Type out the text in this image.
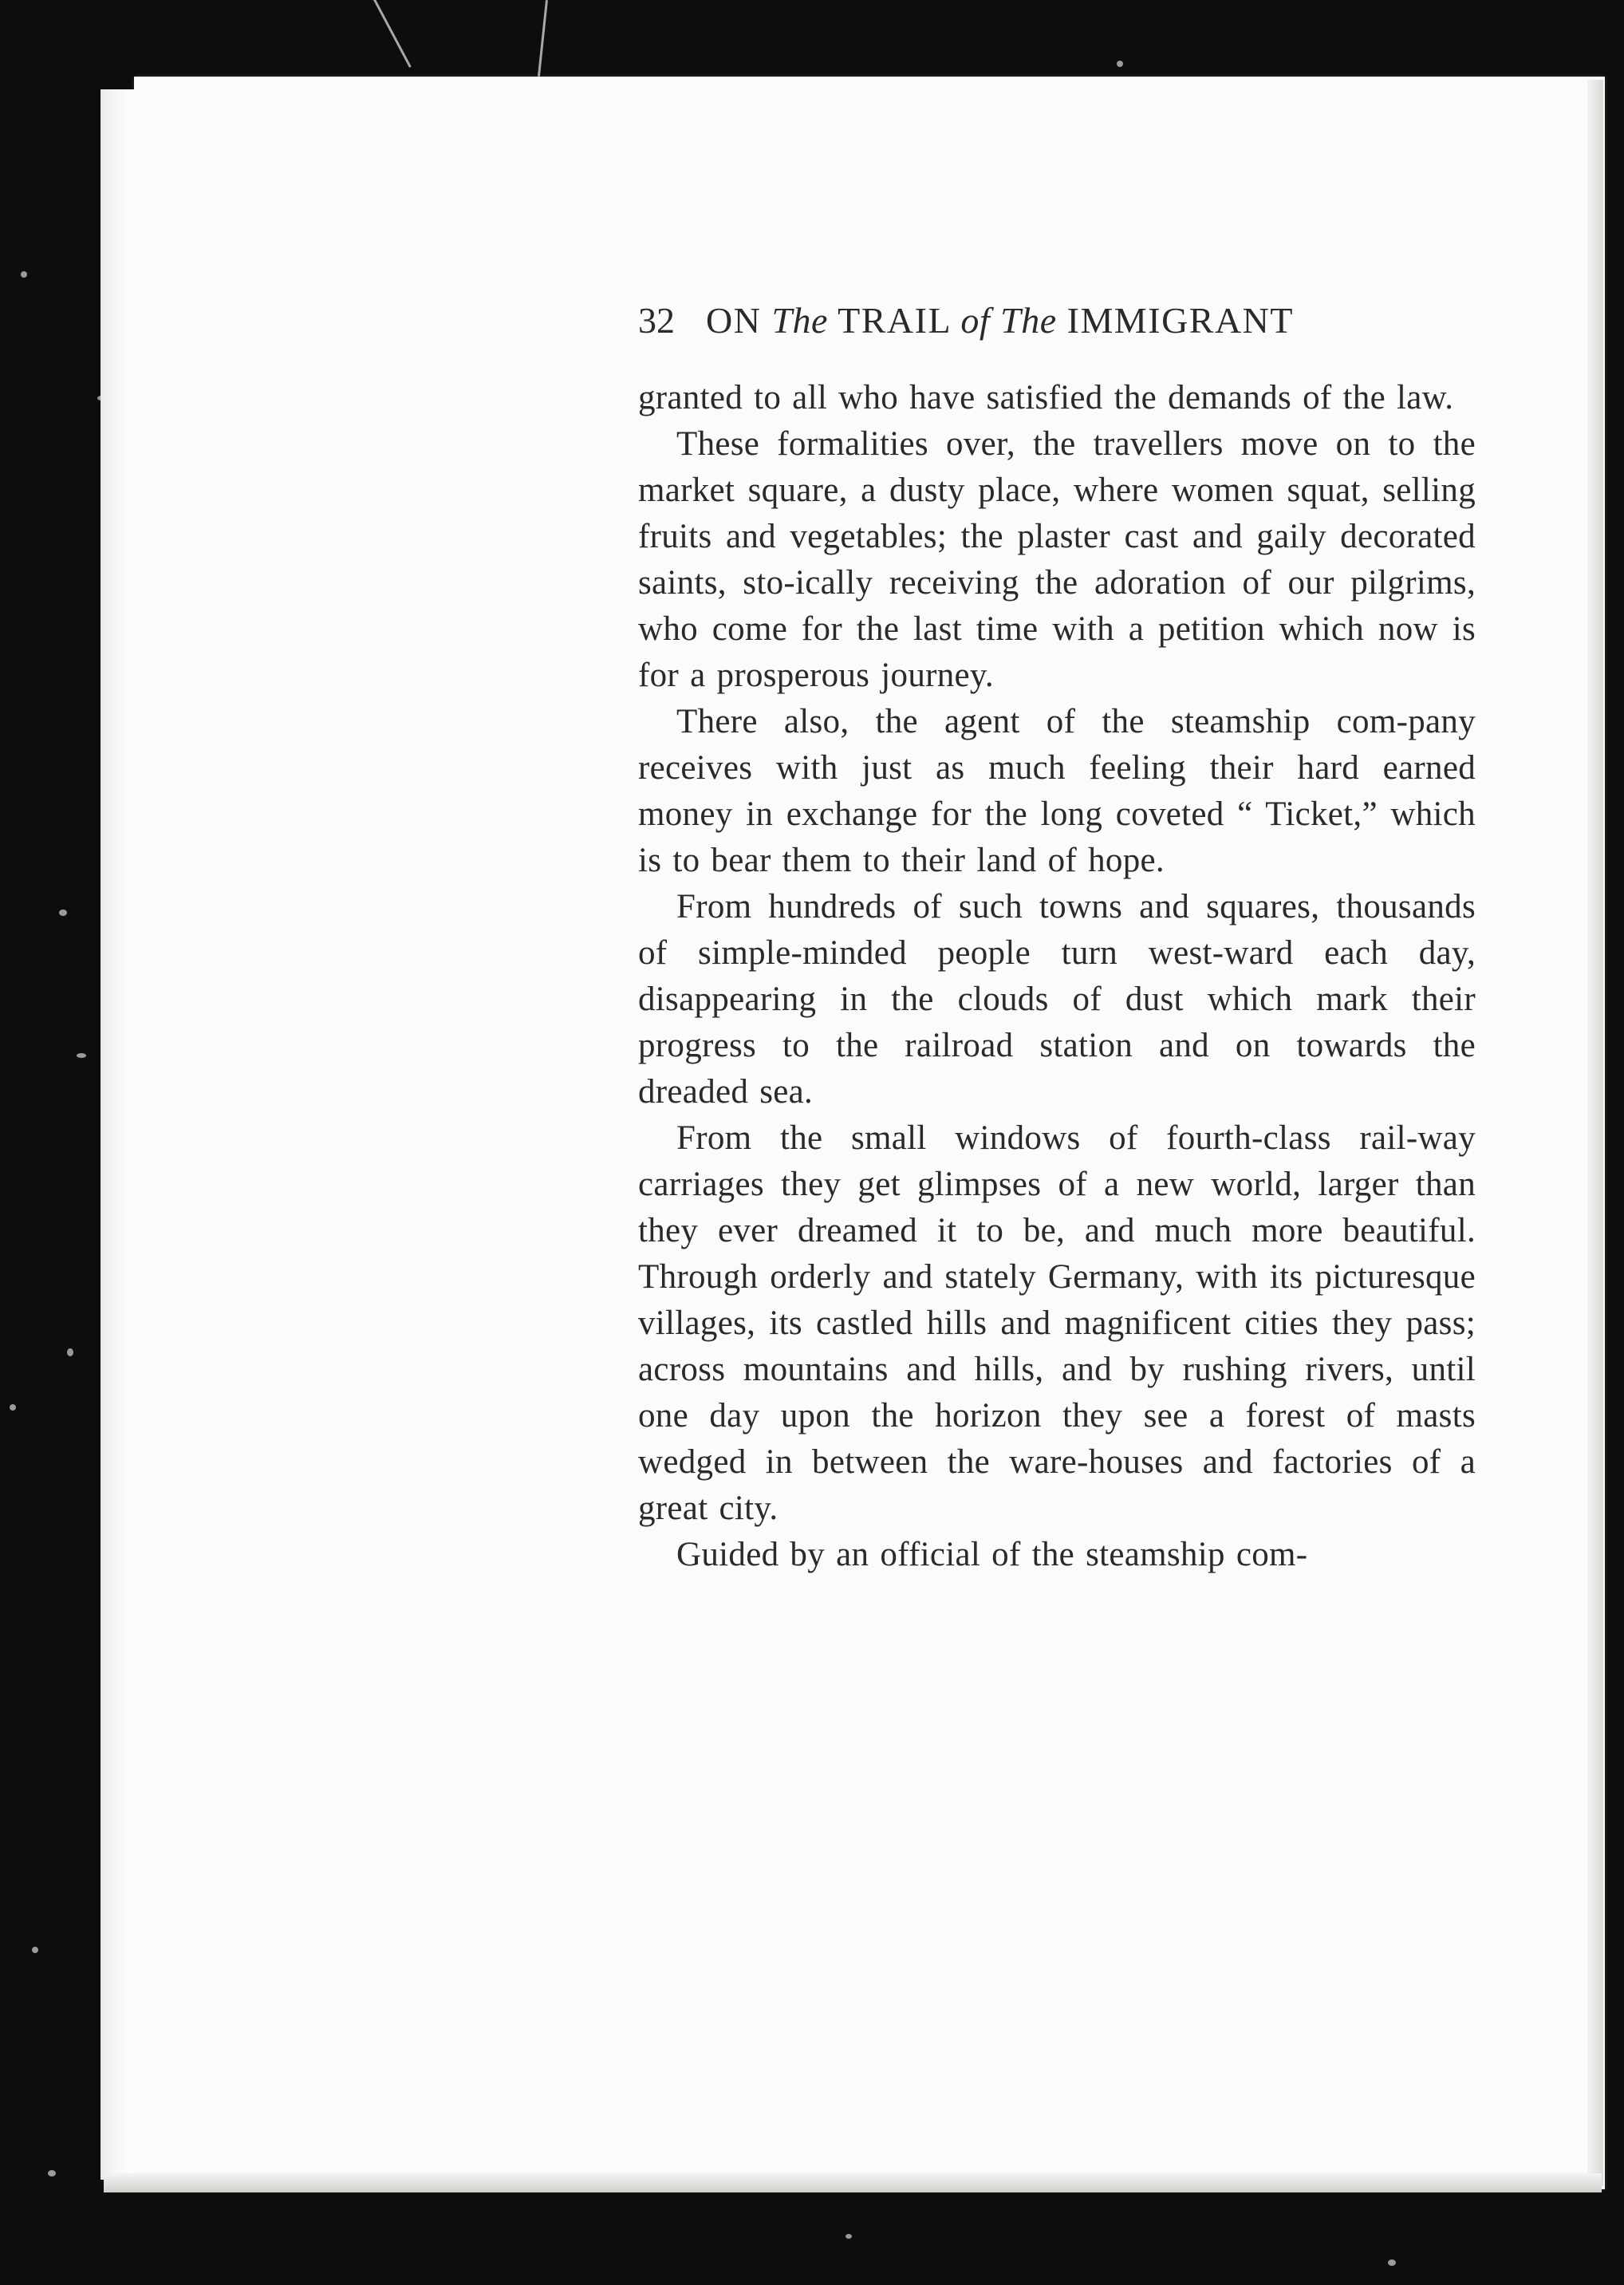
32 ON The TRAIL of The IMMIGRANT

granted to all who have satisfied the demands of the law.

These formalities over, the travellers move on to the market square, a dusty place, where women squat, selling fruits and vegetables; the plaster cast and gaily decorated saints, sto-ically receiving the adoration of our pilgrims, who come for the last time with a petition which now is for a prosperous journey.

There also, the agent of the steamship com-pany receives with just as much feeling their hard earned money in exchange for the long coveted “ Ticket,” which is to bear them to their land of hope.

From hundreds of such towns and squares, thousands of simple-minded people turn west-ward each day, disappearing in the clouds of dust which mark their progress to the railroad station and on towards the dreaded sea.

From the small windows of fourth-class rail-way carriages they get glimpses of a new world, larger than they ever dreamed it to be, and much more beautiful. Through orderly and stately Germany, with its picturesque villages, its castled hills and magnificent cities they pass; across mountains and hills, and by rushing rivers, until one day upon the horizon they see a forest of masts wedged in between the ware-houses and factories of a great city.

Guided by an official of the steamship com-
